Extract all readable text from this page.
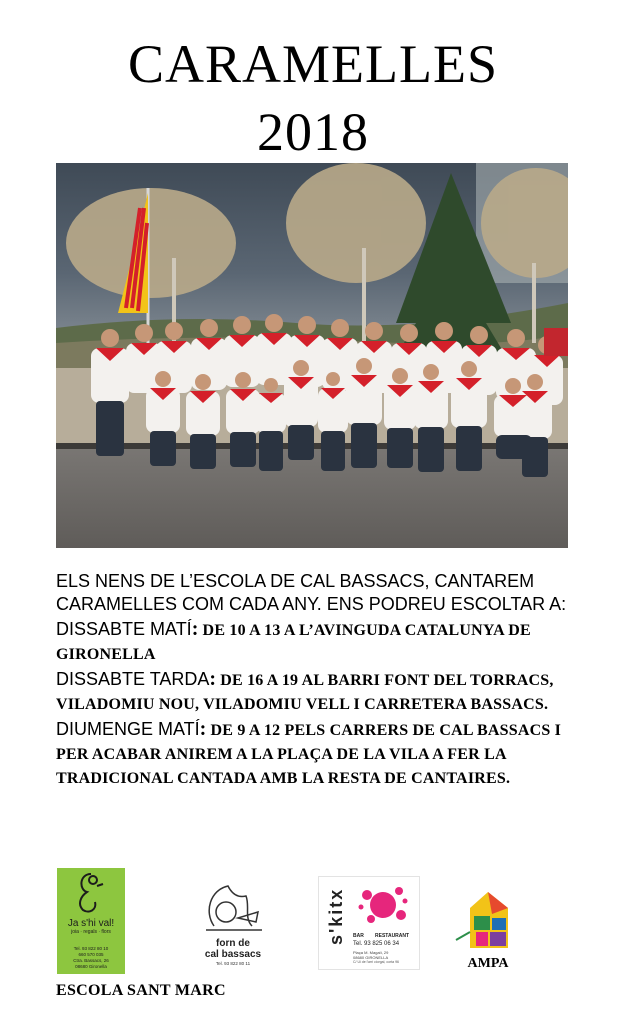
CARAMELLES
2018

ELS NENS DE L’ESCOLA DE CAL BASSACS, CANTAREM CARAMELLES COM CADA ANY. ENS PODREU ESCOLTAR A:

DISSABTE MATÍ: DE 10 A 13 A L’AVINGUDA CATALUNYA DE GIRONELLA

DISSABTE TARDA: DE 16 A 19 AL BARRI FONT DEL TORRACS, VILADOMIU NOU, VILADOMIU VELL I CARRETERA BASSACS.

DIUMENGE MATÍ: DE 9 A 12 PELS CARRERS DE CAL BASSACS I PER ACABAR ANIREM A LA PLAÇA DE LA VILA A FER LA TRADICIONAL CANTADA AMB LA RESTA DE CANTAIRES.

Ja s'hi val!
joia · regals · flors
Tel. 93 822 80 10
660 570 035
Ctra. Bassacs, 26
08680 Gironella
forn de
cal bassacs
Tel. 93 822 80 11
s'kitx BAR RESTAURANT
Tel. 93 825 06 34
Plaça M. Magalí, 29
08680 GIRONELLA
C/ Ui de l'arri ciorgal, corta 96	AMPA
ESCOLA SANT MARC
